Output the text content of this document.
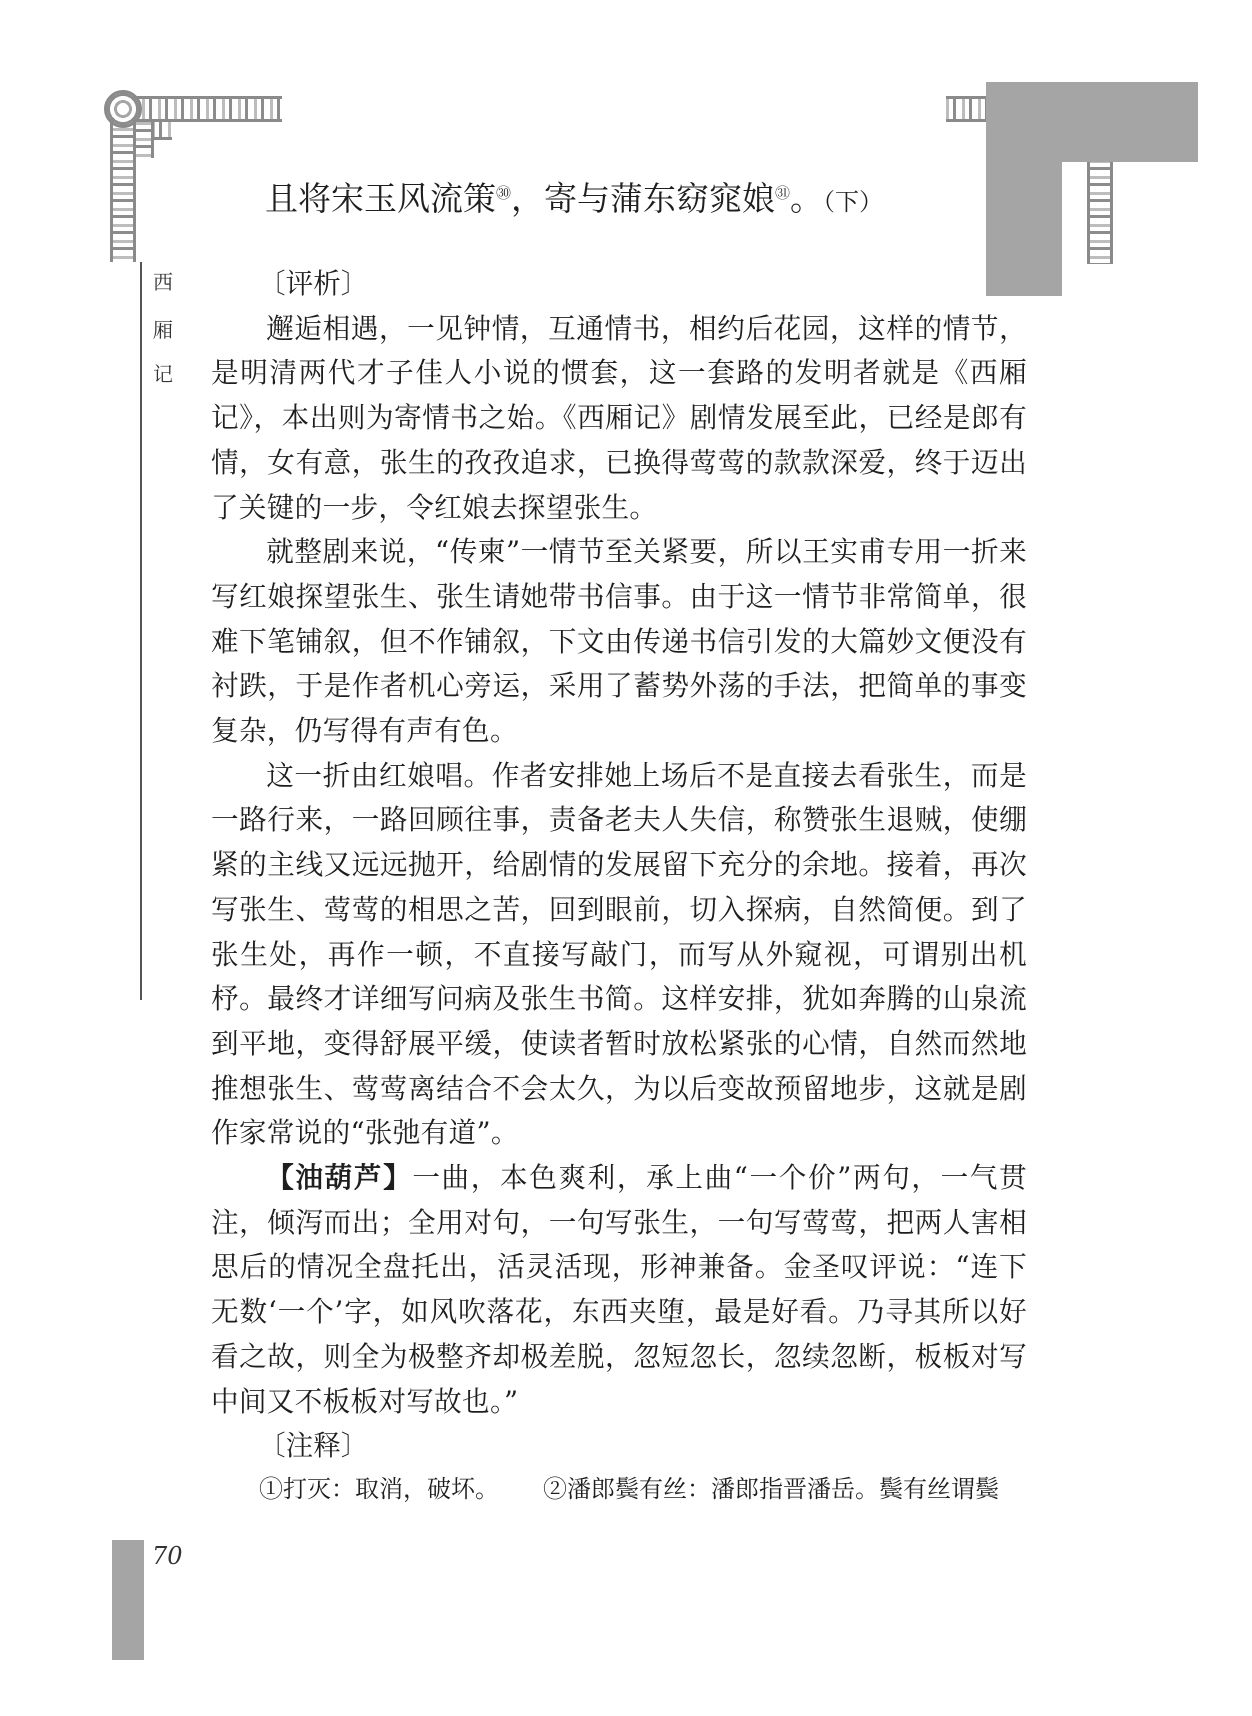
西
厢
记
且将宋玉风流策$^㉚$，寄与蒲东窈窕娘$^㉛$。（下）

〔评析〕

邂逅相遇，一见钟情，互通情书，相约后花园，这样的情节，是明清两代才子佳人小说的惯套，这一套路的发明者就是《西厢记》，本出则为寄情书之始。《西厢记》剧情发展至此，已经是郎有情，女有意，张生的孜孜追求，已换得莺莺的款款深爱，终于迈出了关键的一步，令红娘去探望张生。

就整剧来说，“传柬”一情节至关紧要，所以王实甫专用一折来写红娘探望张生、张生请她带书信事。由于这一情节非常简单，很难下笔铺叙，但不作铺叙，下文由传递书信引发的大篇妙文便没有衬跌，于是作者机心旁运，采用了蓄势外荡的手法，把简单的事变复杂，仍写得有声有色。

这一折由红娘唱。作者安排她上场后不是直接去看张生，而是一路行来，一路回顾往事，责备老夫人失信，称赞张生退贼，使绷紧的主线又远远抛开，给剧情的发展留下充分的余地。接着，再次写张生、莺莺的相思之苦，回到眼前，切入探病，自然简便。到了张生处，再作一顿，不直接写敲门，而写从外窥视，可谓别出机杼。最终才详细写问病及张生书简。这样安排，犹如奔腾的山泉流到平地，变得舒展平缓，使读者暂时放松紧张的心情，自然而然地推想张生、莺莺离结合不会太久，为以后变故预留地步，这就是剧作家常说的“张弛有道”。

【油葫芦】一曲，本色爽利，承上曲“一个价”两句，一气贯注，倾泻而出；全用对句，一句写张生，一句写莺莺，把两人害相思后的情况全盘托出，活灵活现，形神兼备。金圣叹评说：“连下无数‘一个’字，如风吹落花，东西夹堕，最是好看。乃寻其所以好看之故，则全为极整齐却极差脱，忽短忽长，忽续忽断，板板对写中间又不板板对写故也。”

〔注释〕

①打灭：取消，破坏。 ②潘郎鬓有丝：潘郎指晋潘岳。鬓有丝谓鬓

70
